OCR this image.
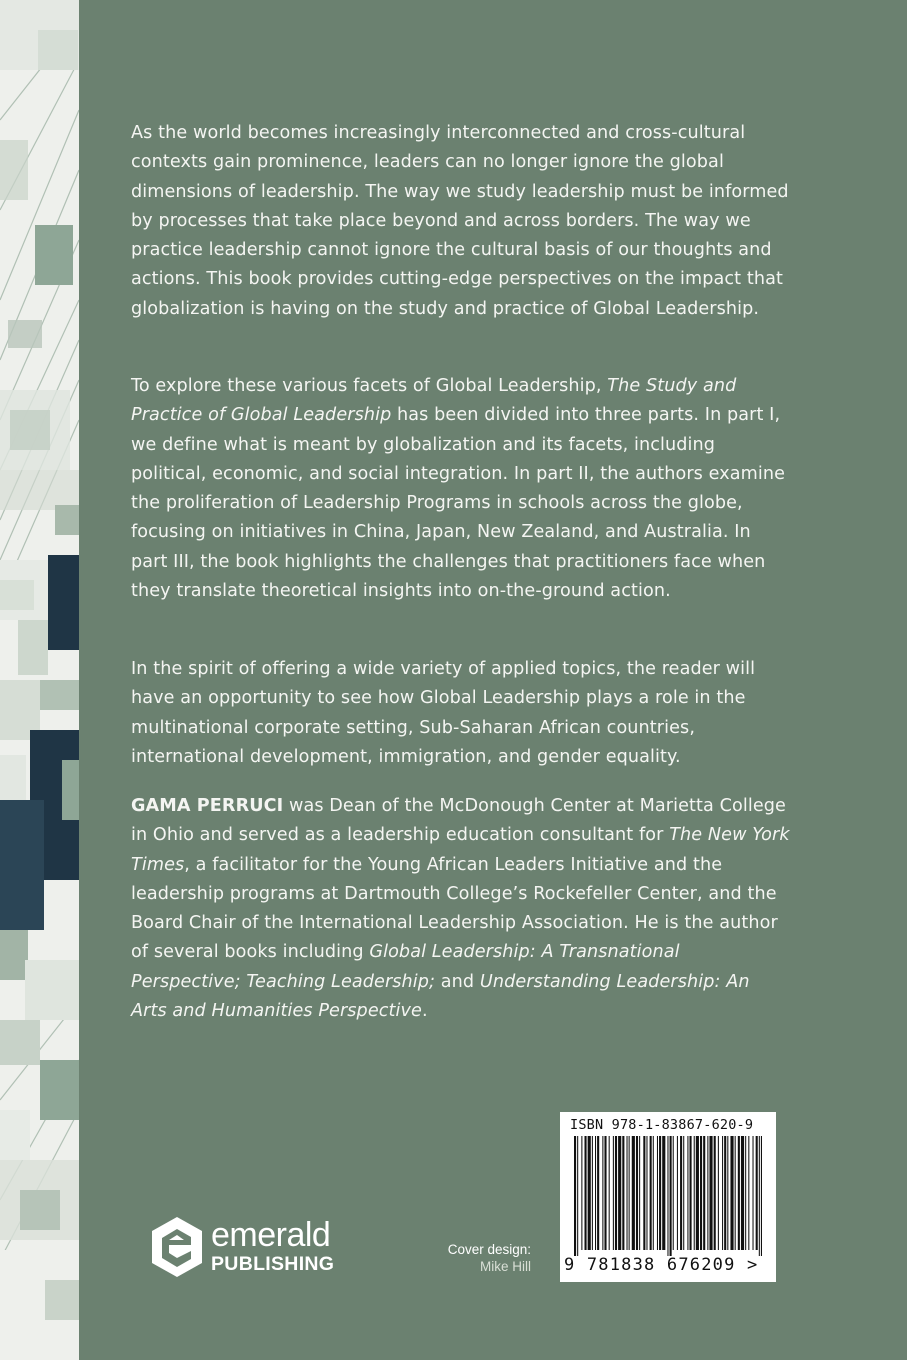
As the world becomes increasingly interconnected and cross-cultural contexts gain prominence, leaders can no longer ignore the global dimensions of leadership. The way we study leadership must be informed by processes that take place beyond and across borders. The way we practice leadership cannot ignore the cultural basis of our thoughts and actions. This book provides cutting-edge perspectives on the impact that globalization is having on the study and practice of Global Leadership.

To explore these various facets of Global Leadership, The Study and Practice of Global Leadership has been divided into three parts. In part I, we define what is meant by globalization and its facets, including political, economic, and social integration. In part II, the authors examine the proliferation of Leadership Programs in schools across the globe, focusing on initiatives in China, Japan, New Zealand, and Australia. In part III, the book highlights the challenges that practitioners face when they translate theoretical insights into on-the-ground action.

In the spirit of offering a wide variety of applied topics, the reader will have an opportunity to see how Global Leadership plays a role in the multinational corporate setting, Sub-Saharan African countries, international development, immigration, and gender equality.

GAMA PERRUCI was Dean of the McDonough Center at Marietta College in Ohio and served as a leadership education consultant for The New York Times, a facilitator for the Young African Leaders Initiative and the leadership programs at Dartmouth College’s Rockefeller Center, and the Board Chair of the International Leadership Association. He is the author of several books including Global Leadership: A Transnational Perspective; Teaching Leadership; and Understanding Leadership: An Arts and Humanities Perspective.

emerald
PUBLISHING
Cover design:
Mike Hill
ISBN 978-1-83867-620-9
9 781838 676209 >
